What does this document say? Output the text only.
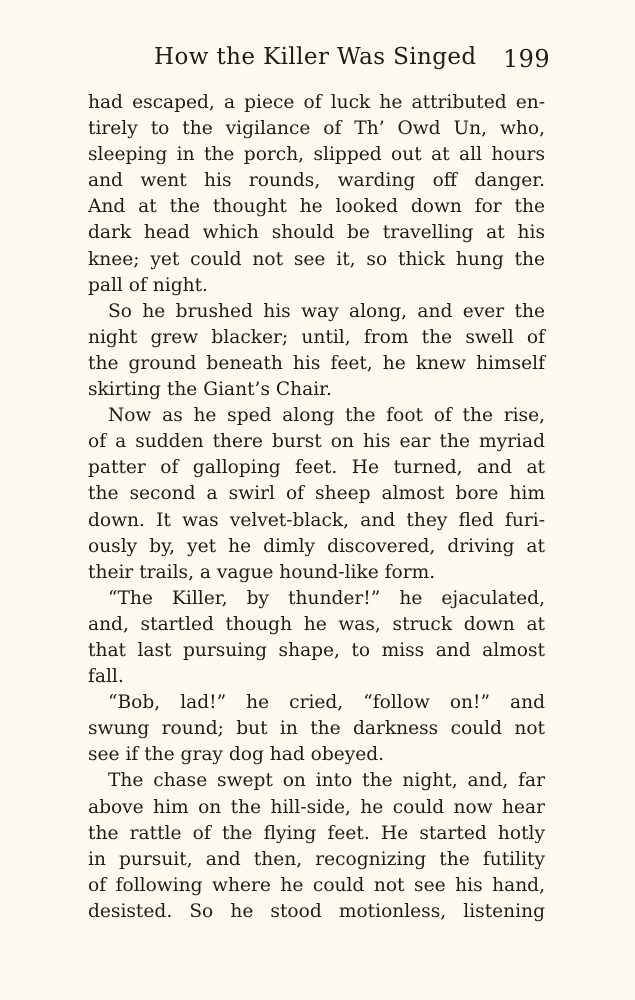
How the Killer Was Singed 199
had escaped, a piece of luck he attributed en-
tirely to the vigilance of Th’ Owd Un, who,
sleeping in the porch, slipped out at all hours
and went his rounds, warding off danger.
And at the thought he looked down for the
dark head which should be travelling at his
knee; yet could not see it, so thick hung the
pall of night.
So he brushed his way along, and ever the
night grew blacker; until, from the swell of
the ground beneath his feet, he knew himself
skirting the Giant’s Chair.
Now as he sped along the foot of the rise,
of a sudden there burst on his ear the myriad
patter of galloping feet. He turned, and at
the second a swirl of sheep almost bore him
down. It was velvet-black, and they fled furi-
ously by, yet he dimly discovered, driving at
their trails, a vague hound-like form.
“The Killer, by thunder!” he ejaculated,
and, startled though he was, struck down at
that last pursuing shape, to miss and almost
fall.
“Bob, lad!” he cried, “follow on!” and
swung round; but in the darkness could not
see if the gray dog had obeyed.
The chase swept on into the night, and, far
above him on the hill-side, he could now hear
the rattle of the flying feet. He started hotly
in pursuit, and then, recognizing the futility
of following where he could not see his hand,
desisted. So he stood motionless, listening
